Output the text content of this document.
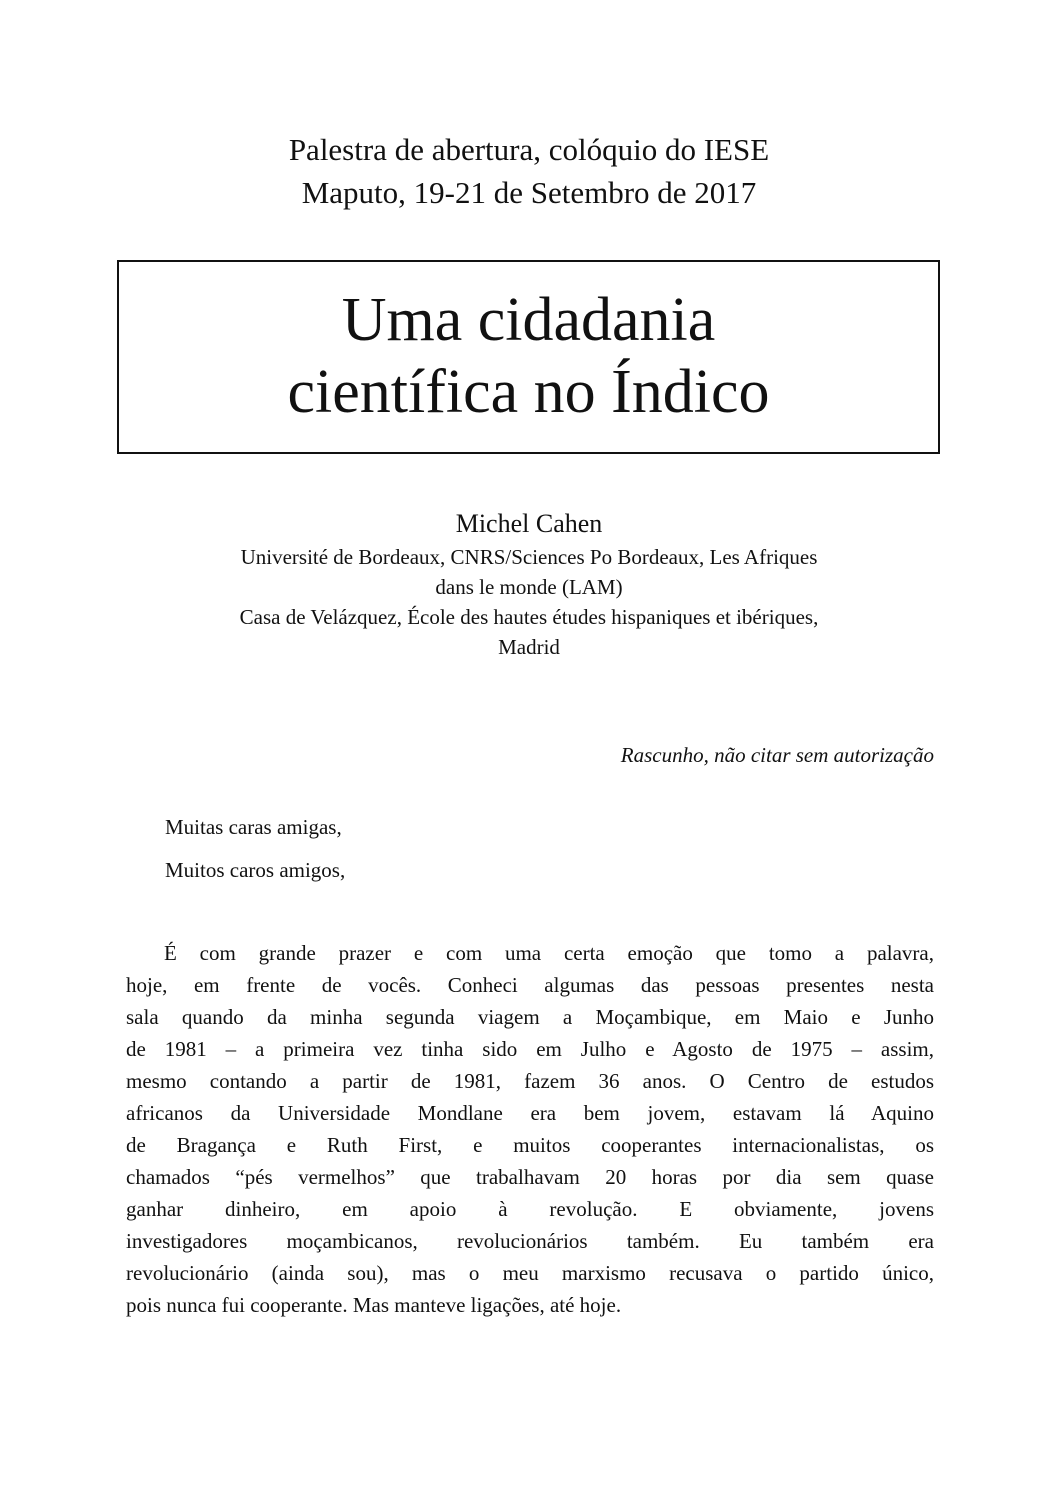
Palestra de abertura, colóquio do IESE
Maputo, 19-21 de Setembro de 2017
Uma cidadania
científica no Índico

Michel Cahen

Université de Bordeaux, CNRS/Sciences Po Bordeaux, Les Afriques

dans le monde (LAM)

Casa de Velázquez, École des hautes études hispaniques et ibériques,

Madrid

Rascunho, não citar sem autorização
Muitas caras amigas,
Muitos caros amigos,
É com grande prazer e com uma certa emoção que tomo a palavra,
hoje, em frente de vocês. Conheci algumas das pessoas presentes nesta
sala quando da minha segunda viagem a Moçambique, em Maio e Junho
de 1981 – a primeira vez tinha sido em Julho e Agosto de 1975 – assim,
mesmo contando a partir de 1981, fazem 36 anos. O Centro de estudos
africanos da Universidade Mondlane era bem jovem, estavam lá Aquino
de Bragança e Ruth First, e muitos cooperantes internacionalistas, os
chamados “pés vermelhos” que trabalhavam 20 horas por dia sem quase
ganhar dinheiro, em apoio à revolução. E obviamente, jovens
investigadores moçambicanos, revolucionários também. Eu também era
revolucionário (ainda sou), mas o meu marxismo recusava o partido único,
pois nunca fui cooperante. Mas manteve ligações, até hoje.
